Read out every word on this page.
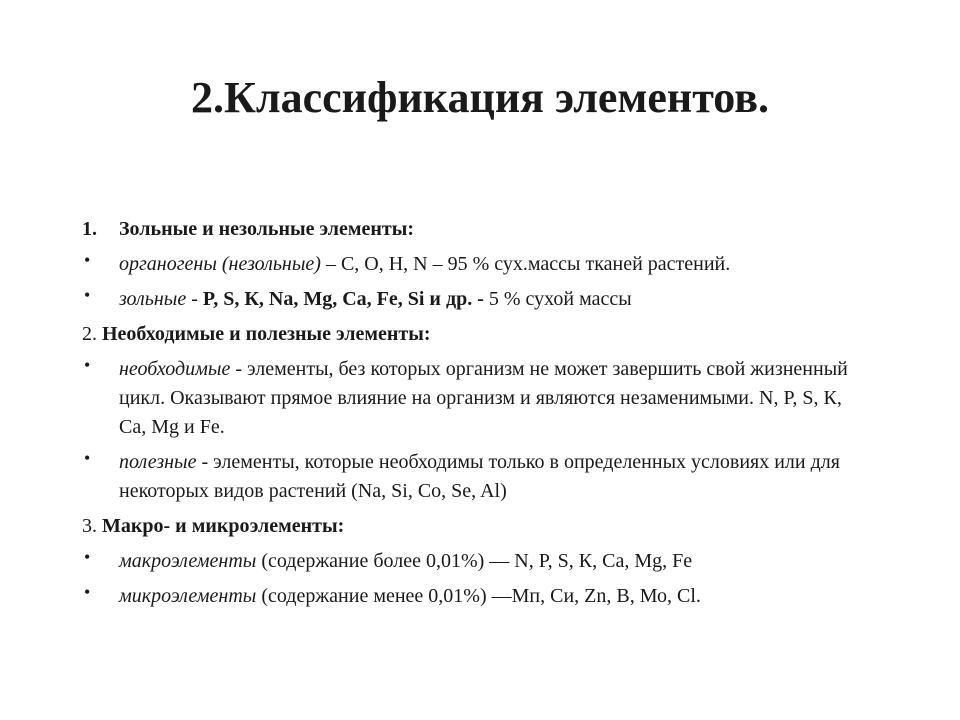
2.Классификация элементов.
1. Зольные и незольные элементы:
• органогены (незольные) – С, О, Н, N – 95 % сух.массы тканей растений.
• зольные - P, S, К, Na, Mg, Ca, Fe, Si и др. - 5 % сухой массы
2. Необходимые и полезные элементы:
• необходимые - элементы, без которых организм не может завершить свой жизненный цикл. Оказывают прямое влияние на организм и являются незаменимыми. N, P, S, К, Ca, Mg и Fe.
• полезные - элементы, которые необходимы только в определенных условиях или для некоторых видов растений (Na, Si, Co, Se, Al)
3. Макро- и микроэлементы:
• макроэлементы (содержание более 0,01%) — N, P, S, К, Ca, Mg, Fe
• микроэлементы (содержание менее 0,01%) —Мп, Си, Zn, В, Мо, Cl.
